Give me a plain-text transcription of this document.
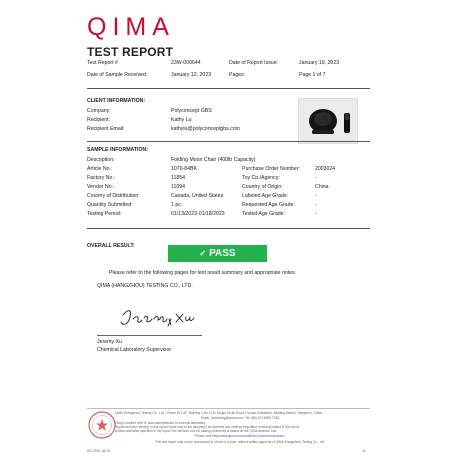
QIMA
TEST REPORT
Test Report #	23W-000644	Date of Report Issue:	January 19, 2023
Date of Sample Received:	January 12, 2023	Pages:	Page 1 of 7
CLIENT INFORMATION:
Company:	Polyconcept GBS
Recipient:	Kathy Lu
Recipient Email:	kathylu@polyconceptgbs.com
SAMPLE INFORMATION:
Description:	Folding Moon Chair (400lb Capacity)
Article No.:	1070-84BK	Purchase Order Number:	2003024
Factory No.:	11854	Toy Co./Agency:	-
Vendor No.:	11094	Country of Origin:	China
Country of Distribution:	Canada, United States	Labeled Age Grade:	-
Quantity Submitted:	1 pc.	Requested Age Grade:	-
Testing Period:	01/13/2023-01/18/2023	Tested Age Grade:	-
OVERALL RESULT:
✓ PASS
Please refer to the following pages for test result summary and appropriate notes.
QIMA (HANGZHOU) TESTING CO., LTD.
Jeremy Xu
Chemical Laboratory Supervisor
QIMA (Hangzhou) Testing Co., Ltd. • Room 401,4/F, Building 1,No.1210 Kouqu South Road, Fuyuan Subdistrict, Binjiang District, Hangzhou, China
Email: Labtesting@qima.com • Tel: (86) 571 8990 7158
Test(s) marked with 'A' was subcontracted to external laboratory.
Report and test result(s) in this report relate only to the sample(s) as received and method /regulation version(s) listed in the report.
Unless otherwise specified in the report, the decision rule for stating conformity is based on the QIMA decision rule.
Please visit http://www.qima.com/conditions-of-service/contract.
This test report may not be reproduced in whole or in part, without written approval of QIMA (Hangzhou) Testing Co., Ltd.
HZ-CP4C-A&78	42
